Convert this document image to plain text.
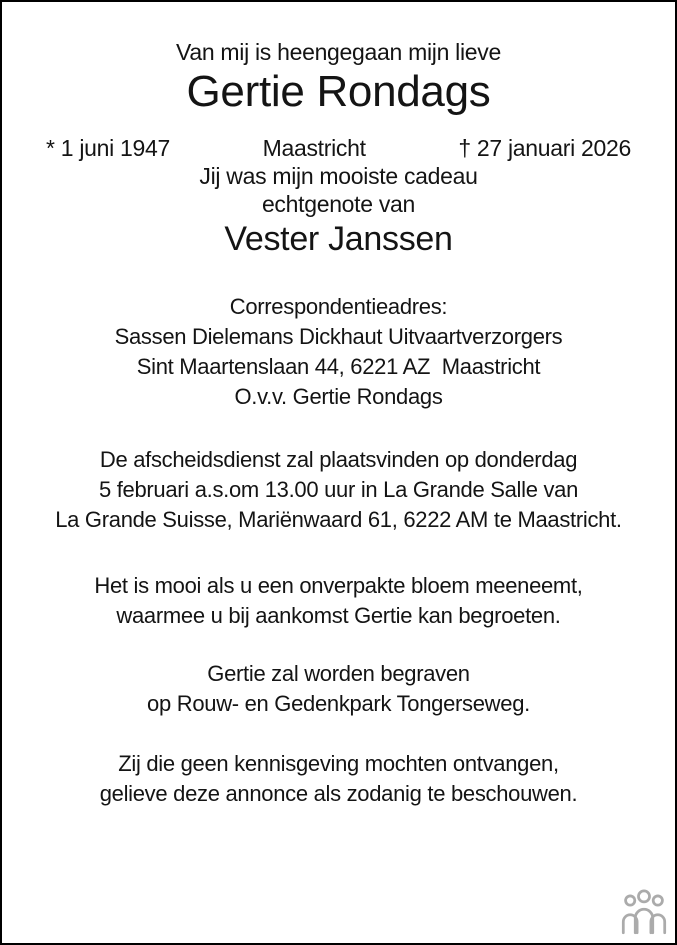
Van mij is heengegaan mijn lieve

Gertie Rondags

* 1 juni 1947	Maastricht	† 27 januari 2026

Jij was mijn mooiste cadeau

echtgenote van

Vester Janssen

Correspondentieadres:

Sassen Dielemans Dickhaut Uitvaartverzorgers

Sint Maartenslaan 44, 6221 AZ  Maastricht

O.v.v. Gertie Rondags

De afscheidsdienst zal plaatsvinden op donderdag

5 februari a.s.om 13.00 uur in La Grande Salle van

La Grande Suisse, Mariënwaard 61, 6222 AM te Maastricht.

Het is mooi als u een onverpakte bloem meeneemt,

waarmee u bij aankomst Gertie kan begroeten.

Gertie zal worden begraven

op Rouw- en Gedenkpark Tongerseweg.

Zij die geen kennisgeving mochten ontvangen,

gelieve deze annonce als zodanig te beschouwen.
